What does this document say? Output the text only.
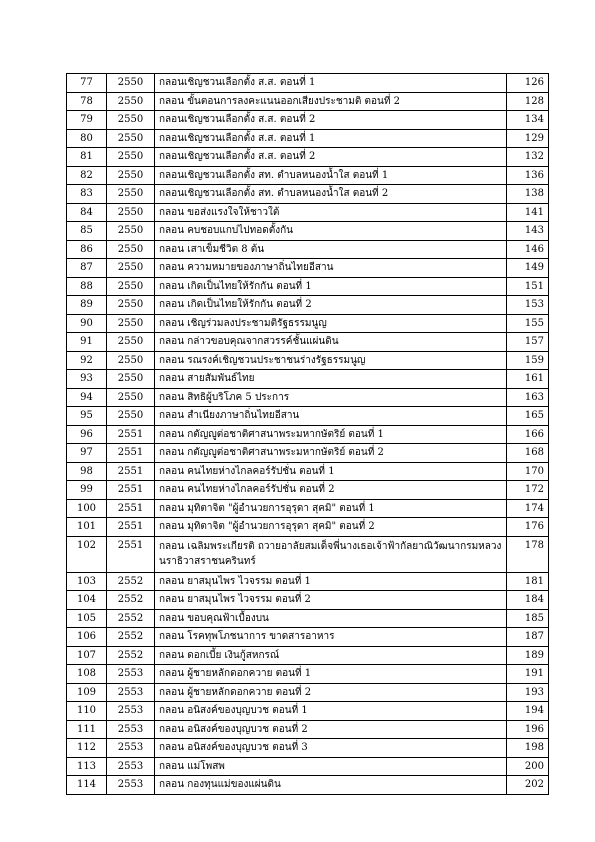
77	2550	กลอนเชิญชวนเลือกตั้ง ส.ส. ตอนที่ 1	126
78	2550	กลอน ขั้นตอนการลงคะแนนออกเสียงประชามติ ตอนที่ 2	128
79	2550	กลอนเชิญชวนเลือกตั้ง ส.ส. ตอนที่ 2	134
80	2550	กลอนเชิญชวนเลือกตั้ง ส.ส. ตอนที่ 1	129
81	2550	กลอนเชิญชวนเลือกตั้ง ส.ส. ตอนที่ 2	132
82	2550	กลอนเชิญชวนเลือกตั้ง สท. ตำบลหนองน้ำใส ตอนที่ 1	136
83	2550	กลอนเชิญชวนเลือกตั้ง สท. ตำบลหนองน้ำใส ตอนที่ 2	138
84	2550	กลอน ขอส่งแรงใจให้ชาวใต้	141
85	2550	กลอน คบชอบแกบ่ไปทอดตั้งกัน	143
86	2550	กลอน เสาเข็มชีวิต 8 ต้น	146
87	2550	กลอน ความหมายของภาษาถิ่นไทยอีสาน	149
88	2550	กลอน เกิดเป็นไทยให้รักกัน ตอนที่ 1	151
89	2550	กลอน เกิดเป็นไทยให้รักกัน ตอนที่ 2	153
90	2550	กลอน เชิญร่วมลงประชามติรัฐธรรมนูญ	155
91	2550	กลอน กล่าวขอบคุณจากสวรรค์ชั้นแผ่นดิน	157
92	2550	กลอน รณรงค์เชิญชวนประชาชนร่างรัฐธรรมนูญ	159
93	2550	กลอน สายสัมพันธ์ไทย	161
94	2550	กลอน สิทธิผู้บริโภค 5 ประการ	163
95	2550	กลอน สำเนียงภาษาถิ่นไทยอีสาน	165
96	2551	กลอน กตัญญูต่อชาติศาสนาพระมหากษัตริย์ ตอนที่ 1	166
97	2551	กลอน กตัญญูต่อชาติศาสนาพระมหากษัตริย์ ตอนที่ 2	168
98	2551	กลอน คนไทยห่างไกลคอร์รัปชั่น ตอนที่ 1	170
99	2551	กลอน คนไทยห่างไกลคอร์รัปชั่น ตอนที่ 2	172
100	2551	กลอน มุทิตาจิต "ผู้อำนวยการอุรุดา สุคมิ" ตอนที่ 1	174
101	2551	กลอน มุทิตาจิต "ผู้อำนวยการอุรุดา สุคมิ" ตอนที่ 2	176
102	2551	กลอน เฉลิมพระเกียรติ ถวายอาลัยสมเด็จพี่นางเธอเจ้าฟ้ากัลยาณิวัฒนากรมหลวงนราธิวาสราชนครินทร์	178
103	2552	กลอน ยาสมุนไพร ไวจรรม ตอนที่ 1	181
104	2552	กลอน ยาสมุนไพร ไวจรรม ตอนที่ 2	184
105	2552	กลอน ขอบคุณฟ้าเบื้องบน	185
106	2552	กลอน โรคทุพโภชนาการ ขาดสารอาหาร	187
107	2552	กลอน ดอกเบี้ย เงินกู้สหกรณ์	189
108	2553	กลอน ผู้ชายหลักดอกควาย ตอนที่ 1	191
109	2553	กลอน ผู้ชายหลักดอกควาย ตอนที่ 2	193
110	2553	กลอน อนิสงค์ของบุญบวช ตอนที่ 1	194
111	2553	กลอน อนิสงค์ของบุญบวช ตอนที่ 2	196
112	2553	กลอน อนิสงค์ของบุญบวช ตอนที่ 3	198
113	2553	กลอน แม่โพสพ	200
114	2553	กลอน กองทุนแม่ของแผ่นดิน	202
